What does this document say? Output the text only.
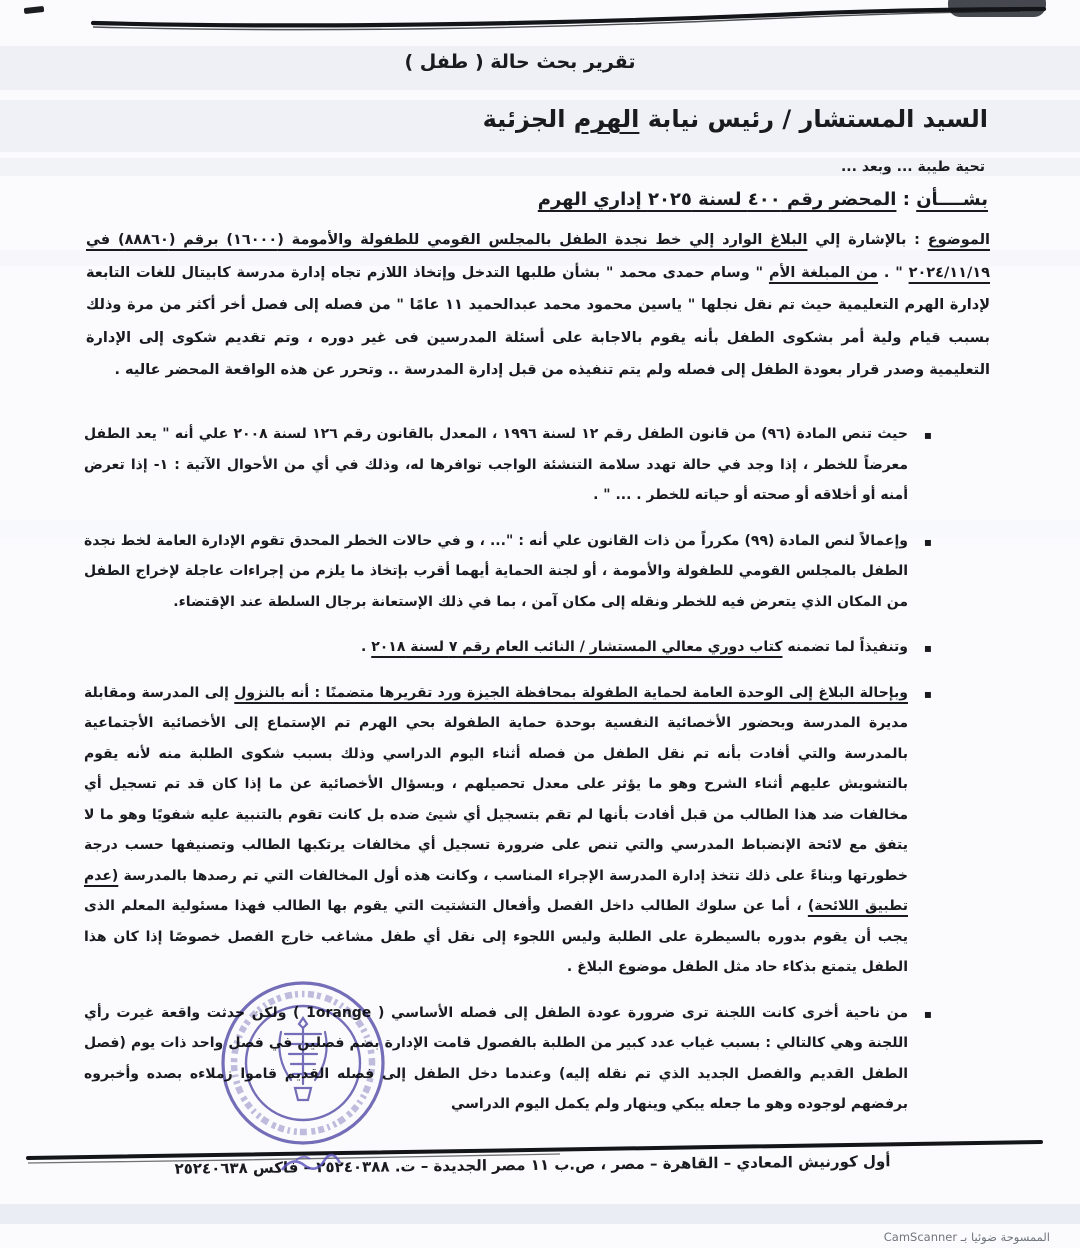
تقرير بحث حالة ( طفل )
السيد المستشار / رئيس نيابة الهرم الجزئية
تحية طيبة ... وبعد ...
بشــــأن : المحضر رقم ٤٠٠ لسنة ٢٠٢٥ إداري الهرم
الموضوع : بالإشارة إلي البلاغ الوارد إلي خط نجدة الطفل بالمجلس القومي للطفولة والأمومة (١٦٠٠٠) برقم (٨٨٨٦٠) في ٢٠٢٤/١١/١٩ " . من المبلغة الأم " وسام حمدى محمد " بشأن طلبها التدخل وإتخاذ اللازم تجاه إدارة مدرسة كابيتال للغات التابعة لإدارة الهرم التعليمية حيث تم نقل نجلها " ياسين محمود محمد عبدالحميد ١١ عامًا " من فصله إلى فصل أخر أكثر من مرة وذلك بسبب قيام ولية أمر بشكوى الطفل بأنه يقوم بالاجابة على أسئلة المدرسين فى غير دوره ، وتم تقديم شكوى إلى الإدارة التعليمية وصدر قرار بعودة الطفل إلى فصله ولم يتم تنفيذه من قبل إدارة المدرسة .. وتحرر عن هذه الواقعة المحضر عاليه .
▪
حيث تنص المادة (٩٦) من قانون الطفل رقم ١٢ لسنة ١٩٩٦ ، المعدل بالقانون رقم ١٢٦ لسنة ٢٠٠٨ علي أنه " يعد الطفل معرضاً للخطر ، إذا وجد في حالة تهدد سلامة التنشئة الواجب توافرها له، وذلك في أي من الأحوال الآتية : ١- إذا تعرض أمنه أو أخلاقه أو صحته أو حياته للخطر . ... " .
▪
وإعمالاً لنص المادة (٩٩) مكرراً من ذات القانون علي أنه : "... ، و في حالات الخطر المحدق تقوم الإدارة العامة لخط نجدة الطفل بالمجلس القومي للطفولة والأمومة ، أو لجنة الحماية أيهما أقرب بإتخاذ ما يلزم من إجراءات عاجلة لإخراج الطفل من المكان الذي يتعرض فيه للخطر ونقله إلى مكان آمن ، بما في ذلك الإستعانة برجال السلطة عند الإقتضاء.
▪
وتنفيذاً لما تضمنه كتاب دوري معالي المستشار / النائب العام رقم ٧ لسنة ٢٠١٨ .
▪
وبإحالة البلاغ إلى الوحدة العامة لحماية الطفولة بمحافظة الجيزة ورد تقريرها متضمنًا : أنه بالنزول إلى المدرسة ومقابلة مديرة المدرسة وبحضور الأخصائية النفسية بوحدة حماية الطفولة بحي الهرم تم الإستماع إلى الأخصائية الأجتماعية بالمدرسة والتي أفادت بأنه تم نقل الطفل من فصله أثناء اليوم الدراسي وذلك بسبب شكوى الطلبة منه لأنه يقوم بالتشويش عليهم أثناء الشرح وهو ما يؤثر على معدل تحصيلهم ، وبسؤال الأخصائية عن ما إذا كان قد تم تسجيل أي مخالفات ضد هذا الطالب من قبل أفادت بأنها لم تقم بتسجيل أي شيئ ضده بل كانت تقوم بالتنبية عليه شفويًا وهو ما لا يتفق مع لائحة الإنضباط المدرسي والتي تنص على ضرورة تسجيل أي مخالفات يرتكبها الطالب وتصنيفها حسب درجة خطورتها وبناءً على ذلك تتخذ إدارة المدرسة الإجراء المناسب ، وكانت هذه أول المخالفات التي تم رصدها بالمدرسة (عدم تطبيق اللائحة) ، أما عن سلوك الطالب داخل الفصل وأفعال التشتيت التي يقوم بها الطالب فهذا مسئولية المعلم الذى يجب أن يقوم بدوره بالسيطرة على الطلبة وليس اللجوء إلى نقل أي طفل مشاغب خارج الفصل خصوصًا إذا كان هذا الطفل يتمتع بذكاء حاد مثل الطفل موضوع البلاغ .
▪
من ناحية أخرى كانت اللجنة ترى ضرورة عودة الطفل إلى فصله الأساسي ( 1orange ) ولكن حدثت واقعة غيرت رأي اللجنة وهي كالتالي : بسبب غياب عدد كبير من الطلبة بالفصول قامت الإدارة بضم فصلين في فصل واحد ذات يوم (فصل الطفل القديم والفصل الجديد الذي تم نقله إليه) وعندما دخل الطفل إلى فصله القديم قاموا زملاءه بصده وأخبروه برفضهم لوجوده وهو ما جعله يبكي وينهار ولم يكمل اليوم الدراسي
أول كورنيش المعادي – القاهرة – مصر ، ص.ب ١١ مصر الجديدة – ت. ٢٥٢٤٠٣٨٨ – فاكس ٢٥٢٤٠٦٣٨
الممسوحة ضوئيا بـ CamScanner
